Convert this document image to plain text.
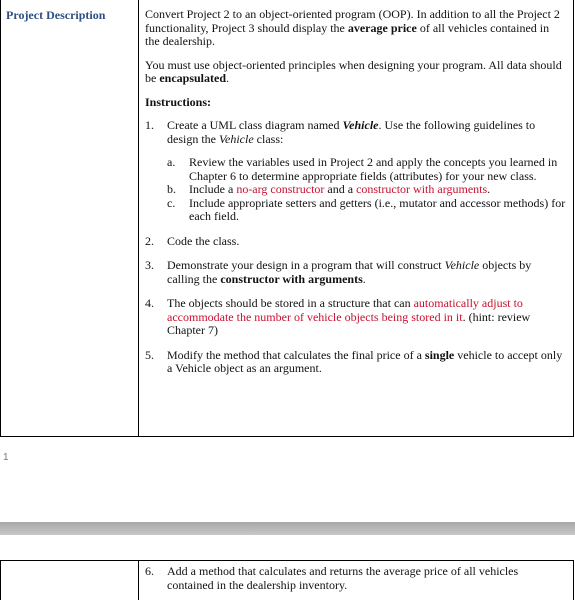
Project Description	Convert Project 2 to an object-oriented program (OOP). In addition to all the Project 2 functionality, Project 3 should display the average price of all vehicles contained in the dealership.

You must use object-oriented principles when designing your program. All data should be encapsulated.

Instructions:
1.	Create a UML class diagram named Vehicle. Use the following guidelines to design the Vehicle class:
a.	Review the variables used in Project 2 and apply the concepts you learned in Chapter 6 to determine appropriate fields (attributes) for your new class.
b.	Include a no-arg constructor and a constructor with arguments.
c.	Include appropriate setters and getters (i.e., mutator and accessor methods) for each field.
2.	Code the class.
3.	Demonstrate your design in a program that will construct Vehicle objects by calling the constructor with arguments.
4.	The objects should be stored in a structure that can automatically adjust to accommodate the number of vehicle objects being stored in it. (hint: review Chapter 7)
5.	Modify the method that calculates the final price of a single vehicle to accept only a Vehicle object as an argument.
1
6.	Add a method that calculates and returns the average price of all vehicles contained in the dealership inventory.
